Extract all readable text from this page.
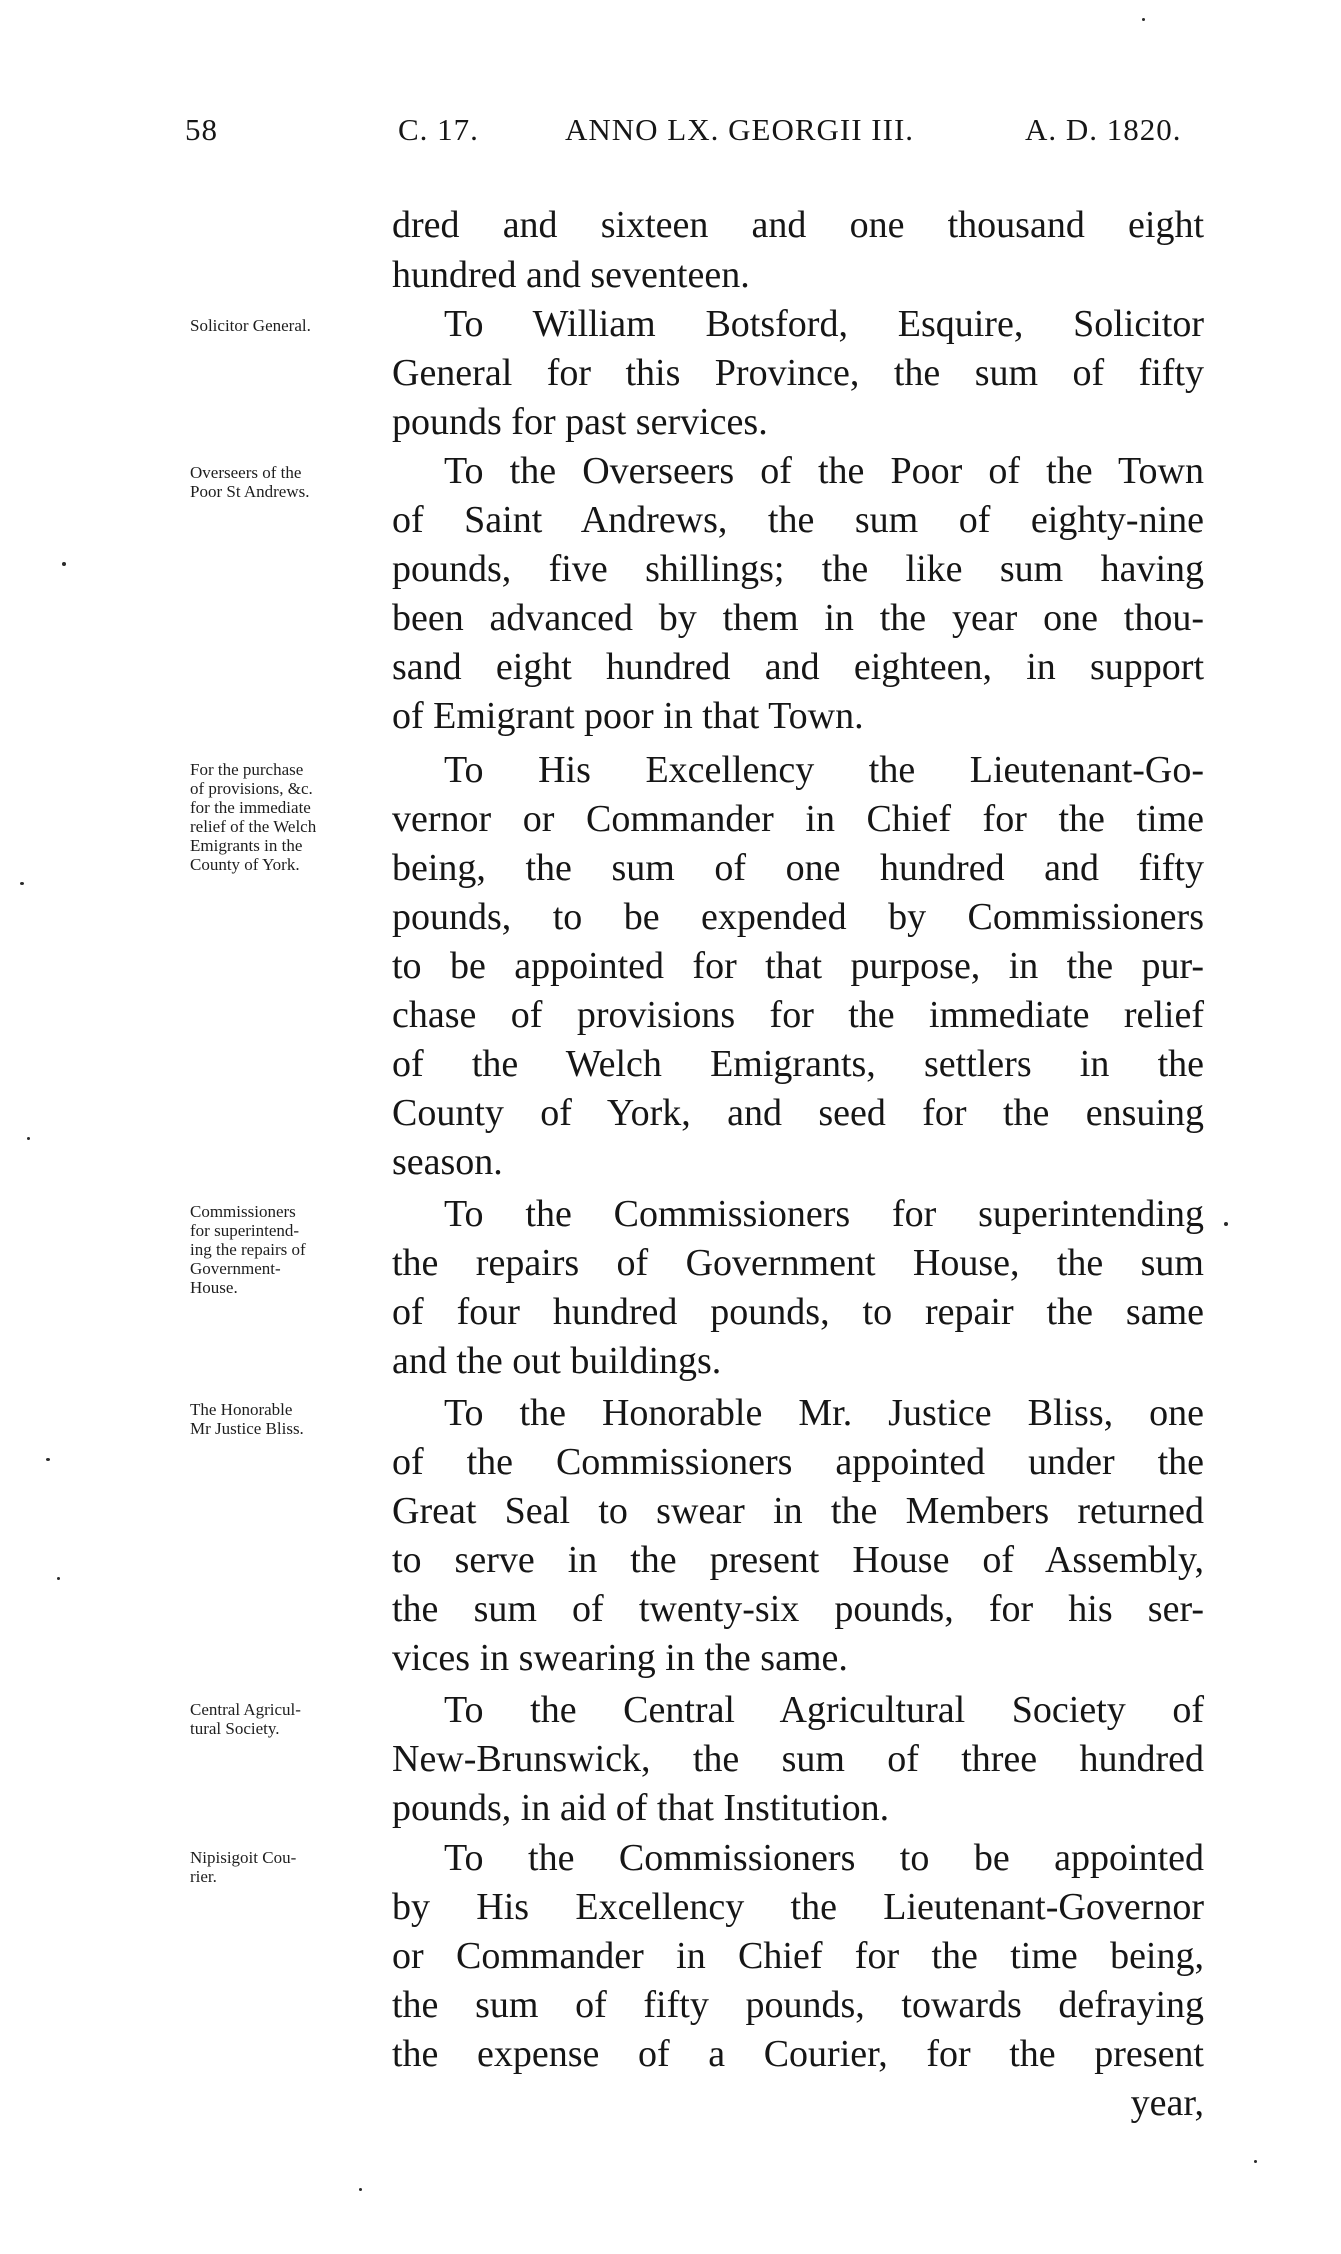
58	C. 17.	ANNO LX. GEORGII III.	A. D. 1820.
dred and sixteen and one thousand eight
hundred and seventeen.
To William Botsford, Esquire, Solicitor
General for this Province, the sum of fifty
pounds for past services.
To the Overseers of the Poor of the Town
of Saint Andrews, the sum of eighty-nine
pounds, five shillings; the like sum having
been advanced by them in the year one thou-
sand eight hundred and eighteen, in support
of Emigrant poor in that Town.
To His Excellency the Lieutenant-Go-
vernor or Commander in Chief for the time
being, the sum of one hundred and fifty
pounds, to be expended by Commissioners
to be appointed for that purpose, in the pur-
chase of provisions for the immediate relief
of the Welch Emigrants, settlers in the
County of York, and seed for the ensuing
season.
To the Commissioners for superintending
the repairs of Government House, the sum
of four hundred pounds, to repair the same
and the out buildings.
To the Honorable Mr. Justice Bliss, one
of the Commissioners appointed under the
Great Seal to swear in the Members returned
to serve in the present House of Assembly,
the sum of twenty-six pounds, for his ser-
vices in swearing in the same.
To the Central Agricultural Society of
New-Brunswick, the sum of three hundred
pounds, in aid of that Institution.
To the Commissioners to be appointed
by His Excellency the Lieutenant-Governor
or Commander in Chief for the time being,
the sum of fifty pounds, towards defraying
the expense of a Courier, for the present
year,
Solicitor General.
Overseers of the
Poor St Andrews.
For the purchase
of provisions, &c.
for the immediate
relief of the Welch
Emigrants in the
County of York.
Commissioners
for superintend-
ing the repairs of
Government-
House.
The Honorable
Mr Justice Bliss.
Central Agricul-
tural Society.
Nipisigoit Cou-
rier.
